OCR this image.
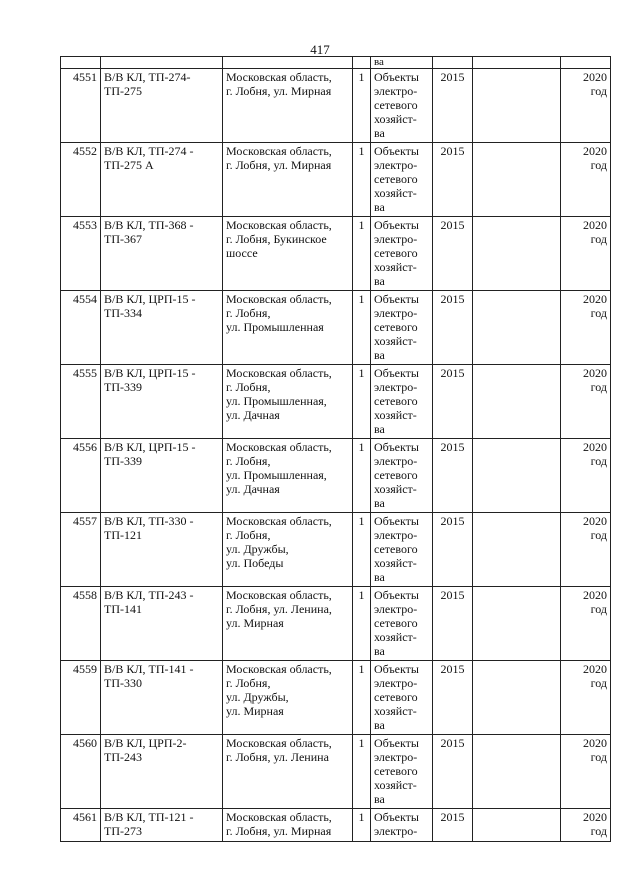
417
				ва			

4551	В/В КЛ, ТП-274-
ТП-275	Московская область,
г. Лобня, ул. Мирная	1	Объекты
электро-
сетевого
хозяйст-
ва	2015		2020
год

4552	В/В КЛ, ТП-274 -
ТП-275 А	Московская область,
г. Лобня, ул. Мирная	1	Объекты
электро-
сетевого
хозяйст-
ва	2015		2020
год

4553	В/В КЛ, ТП-368 -
ТП-367	Московская область,
г. Лобня, Букинское
шоссе	1	Объекты
электро-
сетевого
хозяйст-
ва	2015		2020
год

4554	В/В КЛ, ЦРП-15 -
ТП-334	Московская область,
г. Лобня,
ул. Промышленная	1	Объекты
электро-
сетевого
хозяйст-
ва	2015		2020
год

4555	В/В КЛ, ЦРП-15 -
ТП-339	Московская область,
г. Лобня,
ул. Промышленная,
ул. Дачная	1	Объекты
электро-
сетевого
хозяйст-
ва	2015		2020
год

4556	В/В КЛ, ЦРП-15 -
ТП-339	Московская область,
г. Лобня,
ул. Промышленная,
ул. Дачная	1	Объекты
электро-
сетевого
хозяйст-
ва	2015		2020
год

4557	В/В КЛ, ТП-330 -
ТП-121	Московская область,
г. Лобня,
ул. Дружбы,
ул. Победы	1	Объекты
электро-
сетевого
хозяйст-
ва	2015		2020
год

4558	В/В КЛ, ТП-243 -
ТП-141	Московская область,
г. Лобня, ул. Ленина,
ул. Мирная	1	Объекты
электро-
сетевого
хозяйст-
ва	2015		2020
год

4559	В/В КЛ, ТП-141 -
ТП-330	Московская область,
г. Лобня,
ул. Дружбы,
ул. Мирная	1	Объекты
электро-
сетевого
хозяйст-
ва	2015		2020
год

4560	В/В КЛ, ЦРП-2-
ТП-243	Московская область,
г. Лобня, ул. Ленина	1	Объекты
электро-
сетевого
хозяйст-
ва	2015		2020
год

4561	В/В КЛ, ТП-121 -
ТП-273	Московская область,
г. Лобня, ул. Мирная	1	Объекты
электро-	2015		2020
год
